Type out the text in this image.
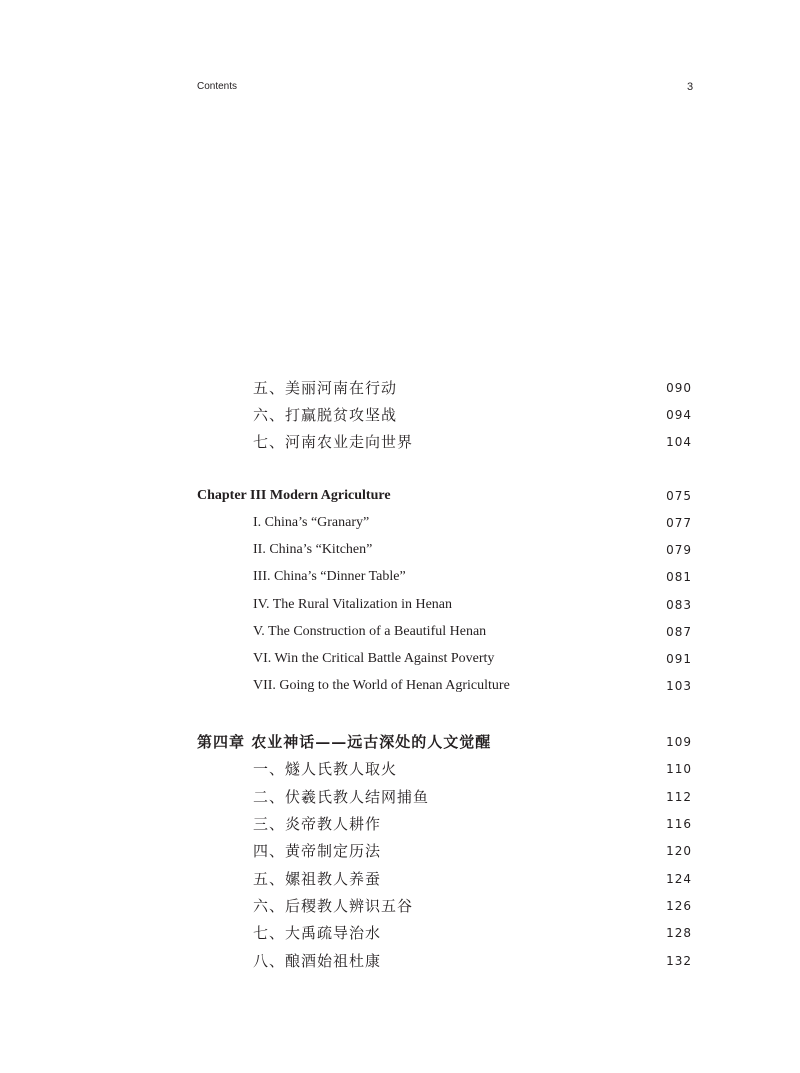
Contents	3
五、美丽河南在行动	090
六、打赢脱贫攻坚战	094
七、河南农业走向世界	104
Chapter III Modern Agriculture	075
I. China’s “Granary”	077
II. China’s “Kitchen”	079
III. China’s “Dinner Table”	081
IV. The Rural Vitalization in Henan	083
V. The Construction of a Beautiful Henan	087
VI. Win the Critical Battle Against Poverty	091
VII. Going to the World of Henan Agriculture	103
第四章 农业神话——远古深处的人文觉醒	109
一、燧人氏教人取火	110
二、伏羲氏教人结网捕鱼	112
三、炎帝教人耕作	116
四、黄帝制定历法	120
五、嫘祖教人养蚕	124
六、后稷教人辨识五谷	126
七、大禹疏导治水	128
八、酿酒始祖杜康	132
